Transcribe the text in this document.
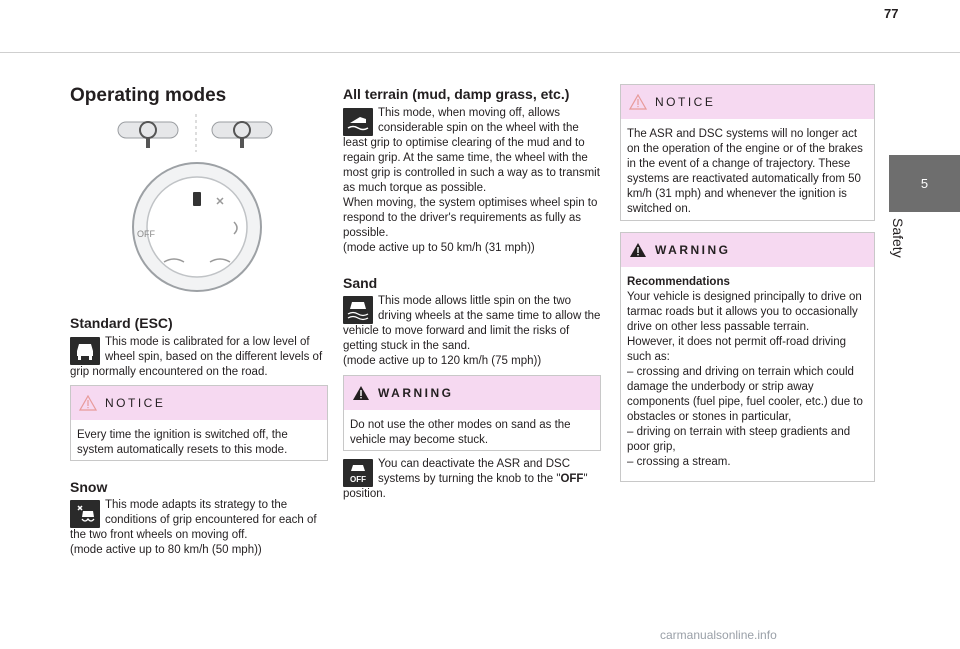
77
5
Safety
Operating modes
OFF
Standard (ESC)

This mode is calibrated for a low level of wheel spin, based on the different levels of grip normally encountered on the road.

NOTICE
Every time the ignition is switched off, the system automatically resets to this mode.
Snow

This mode adapts its strategy to the conditions of grip encountered for each of the two front wheels on moving off.

(mode active up to 80 km/h (50 mph))

All terrain (mud, damp grass, etc.)

This mode, when moving off, allows considerable spin on the wheel with the least grip to optimise clearing of the mud and to regain grip. At the same time, the wheel with the most grip is controlled in such a way as to transmit as much torque as possible.

When moving, the system optimises wheel spin to respond to the driver's requirements as fully as possible.

(mode active up to 50 km/h (31 mph))

Sand

This mode allows little spin on the two driving wheels at the same time to allow the vehicle to move forward and limit the risks of getting stuck in the sand.

(mode active up to 120 km/h (75 mph))

WARNING
Do not use the other modes on sand as the vehicle may become stuck.
OFF

You can deactivate the ASR and DSC systems by turning the knob to the "OFF" position.

NOTICE
The ASR and DSC systems will no longer act on the operation of the engine or of the brakes in the event of a change of trajectory. These systems are reactivated automatically from 50 km/h (31 mph) and whenever the ignition is switched on.
WARNING

Recommendations

Your vehicle is designed principally to drive on tarmac roads but it allows you to occasionally drive on other less passable terrain.

However, it does not permit off-road driving such as:

– crossing and driving on terrain which could damage the underbody or strip away components (fuel pipe, fuel cooler, etc.) due to obstacles or stones in particular,

– driving on terrain with steep gradients and poor grip,

– crossing a stream.

carmanualsonline.info
